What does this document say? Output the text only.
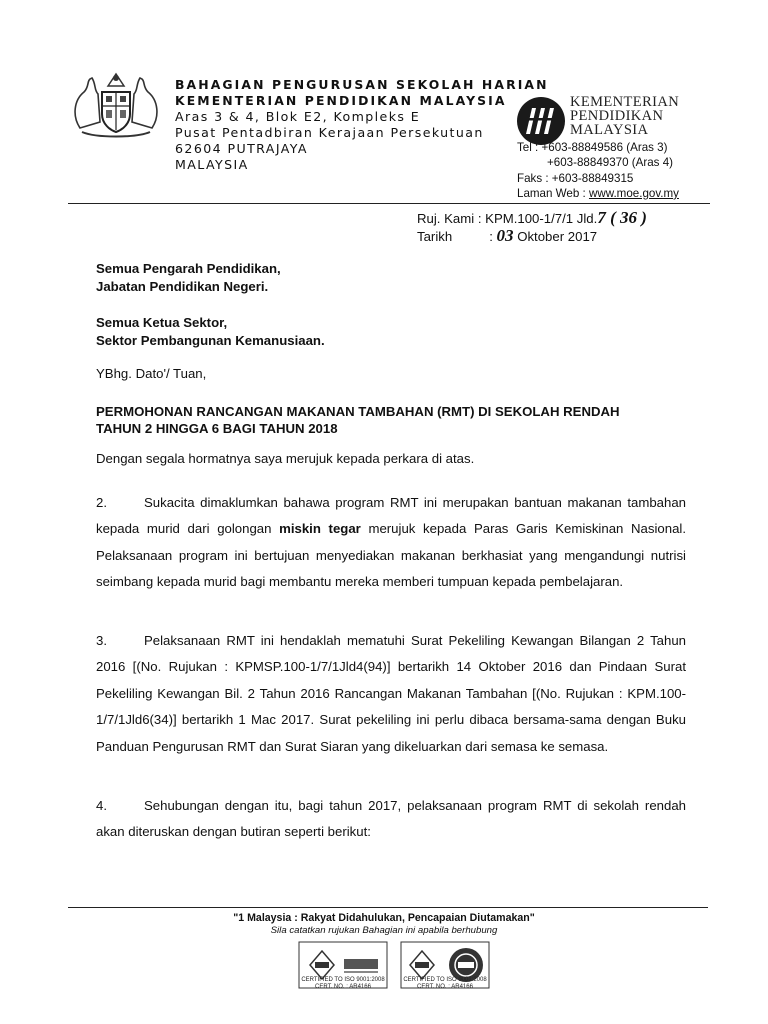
BAHAGIAN PENGURUSAN SEKOLAH HARIAN
KEMENTERIAN PENDIDIKAN MALAYSIA
Aras 3 & 4, Blok E2, Kompleks E
Pusat Pentadbiran Kerajaan Persekutuan
62604 PUTRAJAYA
MALAYSIA
KEMENTERIAN
PENDIDIKAN
MALAYSIA
Tel : +603-88849586 (Aras 3)
+603-88849370 (Aras 4)
Faks : +603-88849315
Laman Web : www.moe.gov.my
Ruj. Kami : KPM.100-1/7/1 Jld.7 ( 36 )
Tarikh	: 03 Oktober 2017
Semua Pengarah Pendidikan,
Jabatan Pendidikan Negeri.
Semua Ketua Sektor,
Sektor Pembangunan Kemanusiaan.
YBhg. Dato'/ Tuan,
PERMOHONAN RANCANGAN MAKANAN TAMBAHAN (RMT) DI SEKOLAH RENDAH
TAHUN 2 HINGGA 6 BAGI TAHUN 2018
Dengan segala hormatnya saya merujuk kepada perkara di atas.
2.	Sukacita dimaklumkan bahawa program RMT ini merupakan bantuan makanan tambahan kepada murid dari golongan miskin tegar merujuk kepada Paras Garis Kemiskinan Nasional. Pelaksanaan program ini bertujuan menyediakan makanan berkhasiat yang mengandungi nutrisi seimbang kepada murid bagi membantu mereka memberi tumpuan kepada pembelajaran.
3.	Pelaksanaan RMT ini hendaklah mematuhi Surat Pekeliling Kewangan Bilangan 2 Tahun 2016 [(No. Rujukan : KPMSP.100-1/7/1Jld4(94)] bertarikh 14 Oktober 2016 dan Pindaan Surat Pekeliling Kewangan Bil. 2 Tahun 2016 Rancangan Makanan Tambahan [(No. Rujukan : KPM.100-1/7/1Jld6(34)] bertarikh 1 Mac 2017. Surat pekeliling ini perlu dibaca bersama-sama dengan Buku Panduan Pengurusan RMT dan Surat Siaran yang dikeluarkan dari semasa ke semasa.
4.	Sehubungan dengan itu, bagi tahun 2017, pelaksanaan program RMT di sekolah rendah akan diteruskan dengan butiran seperti berikut:
"1 Malaysia : Rakyat Didahulukan, Pencapaian Diutamakan"
Sila catatkan rujukan Bahagian ini apabila berhubung
CERTIFIED TO ISO 9001:2008
CERT. NO. : AR4166
CERTIFIED TO ISO 9001:2008
CERT. NO. : AR4166
